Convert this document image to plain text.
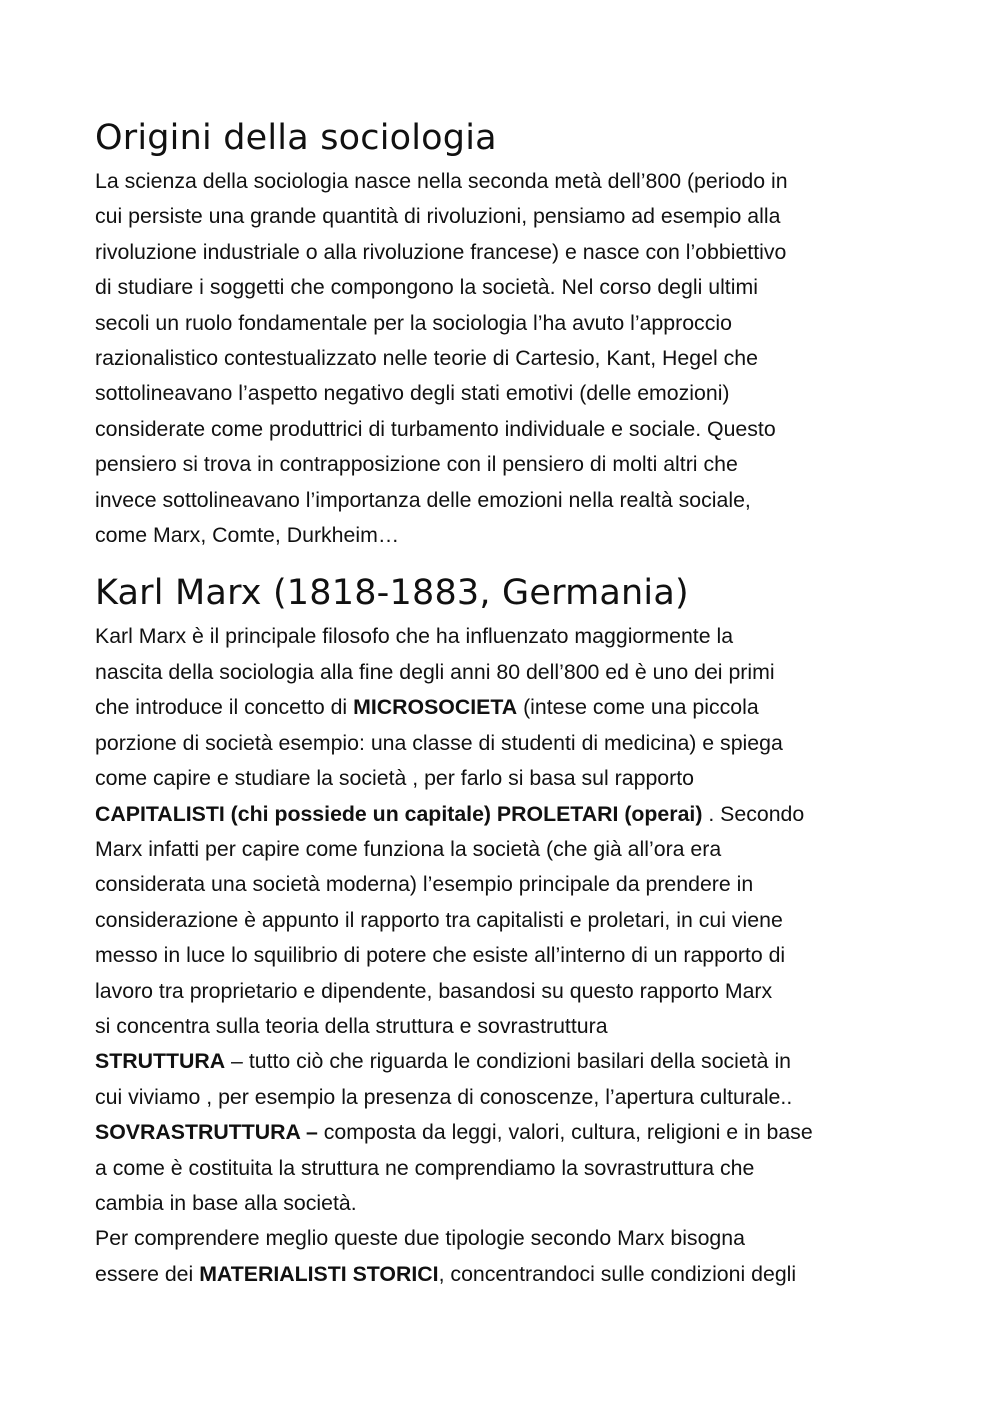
Origini della sociologia

La scienza della sociologia nasce nella seconda metà dell’800 (periodo in
cui persiste una grande quantità di rivoluzioni, pensiamo ad esempio alla
rivoluzione industriale o alla rivoluzione francese) e nasce con l’obbiettivo
di studiare i soggetti che compongono la società. Nel corso degli ultimi
secoli un ruolo fondamentale per la sociologia l’ha avuto l’approccio
razionalistico contestualizzato nelle teorie di Cartesio, Kant, Hegel che
sottolineavano l’aspetto negativo degli stati emotivi (delle emozioni)
considerate come produttrici di turbamento individuale e sociale. Questo
pensiero si trova in contrapposizione con il pensiero di molti altri che
invece sottolineavano l’importanza delle emozioni nella realtà sociale,
come Marx, Comte, Durkheim…

Karl Marx (1818-1883, Germania)

Karl Marx è il principale filosofo che ha influenzato maggiormente la
nascita della sociologia alla fine degli anni 80 dell’800 ed è uno dei primi
che introduce il concetto di MICROSOCIETA (intese come una piccola
porzione di società esempio: una classe di studenti di medicina) e spiega
come capire e studiare la società , per farlo si basa sul rapporto
CAPITALISTI (chi possiede un capitale) PROLETARI (operai) . Secondo
Marx infatti per capire come funziona la società (che già all’ora era
considerata una società moderna) l’esempio principale da prendere in
considerazione è appunto il rapporto tra capitalisti e proletari, in cui viene
messo in luce lo squilibrio di potere che esiste all’interno di un rapporto di
lavoro tra proprietario e dipendente, basandosi su questo rapporto Marx
si concentra sulla teoria della struttura e sovrastruttura
STRUTTURA – tutto ciò che riguarda le condizioni basilari della società in
cui viviamo , per esempio la presenza di conoscenze, l’apertura culturale..
SOVRASTRUTTURA – composta da leggi, valori, cultura, religioni e in base
a come è costituita la struttura ne comprendiamo la sovrastruttura che
cambia in base alla società.
Per comprendere meglio queste due tipologie secondo Marx bisogna
essere dei MATERIALISTI STORICI, concentrandoci sulle condizioni degli
